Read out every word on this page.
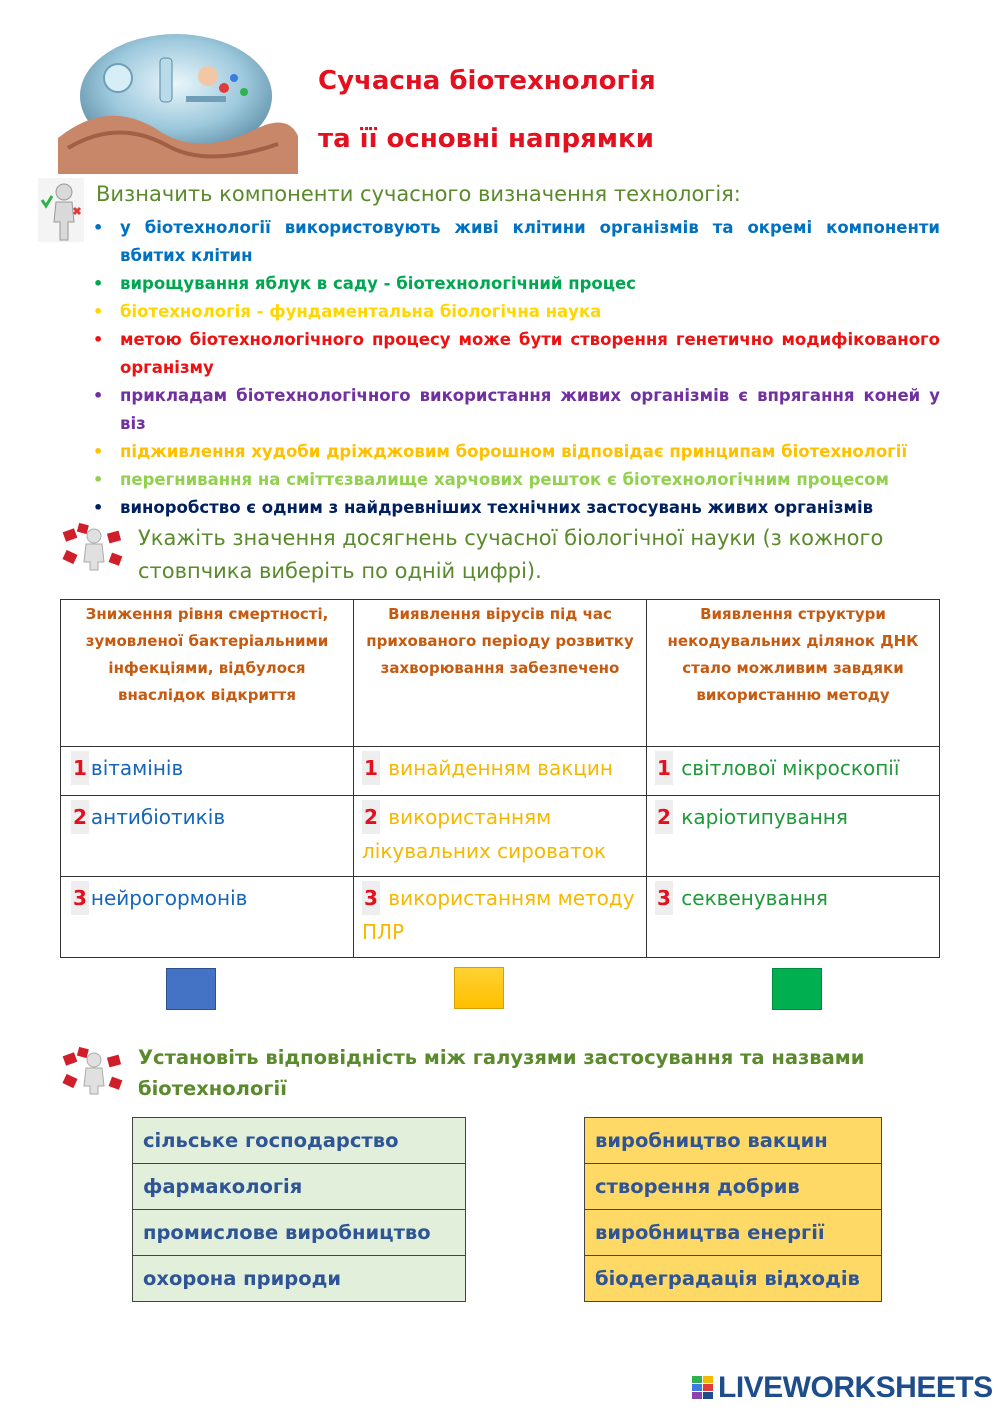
Сучасна біотехнологія
та її основні напрямки
Визначить компоненти сучасного визначення технологія:
• у біотехнології використовують живі клітини організмів та окремі компоненти вбитих клітин
• вирощування яблук в саду - біотехнологічний процес
• біотехнологія - фундаментальна біологічна наука
• метою біотехнологічного процесу може бути створення генетично модифікованого організму
• прикладам біотехнологічного використання живих організмів є впрягання коней у віз
• підживлення худоби дріжджовим борошном відповідає принципам біотехнології
• перегнивання на сміттєзвалище харчових решток є біотехнологічним процесом
• виноробство є одним з найдревніших технічних застосувань живих організмів
Укажіть значення досягнень сучасної біологічної науки (з кожного стовпчика виберіть по одній цифрі).
Зниження рівня смертності, зумовленої бактеріальними інфекціями, відбулося внаслідок відкриття	Виявлення вірусів під час прихованого періоду розвитку захворювання забезпечено	Виявлення структури некодувальних ділянок ДНК стало можливим завдяки використанню методу

1 вітамінів	1 винайденням вакцин	1 світлової мікроскопії

2 антибіотиків	2 використанням лікувальних сироваток	2 каріотипування

3 нейрогормонів	3 використанням методу ПЛР	3 секвенування
Установіть відповідність між галузями застосування та назвами біотехнології
сільське господарство
фармакологія
промислове виробництво
охорона природи
виробництво вакцин
створення добрив
виробництва енергії
біодеградація відходів
LIVEWORKSHEETS
